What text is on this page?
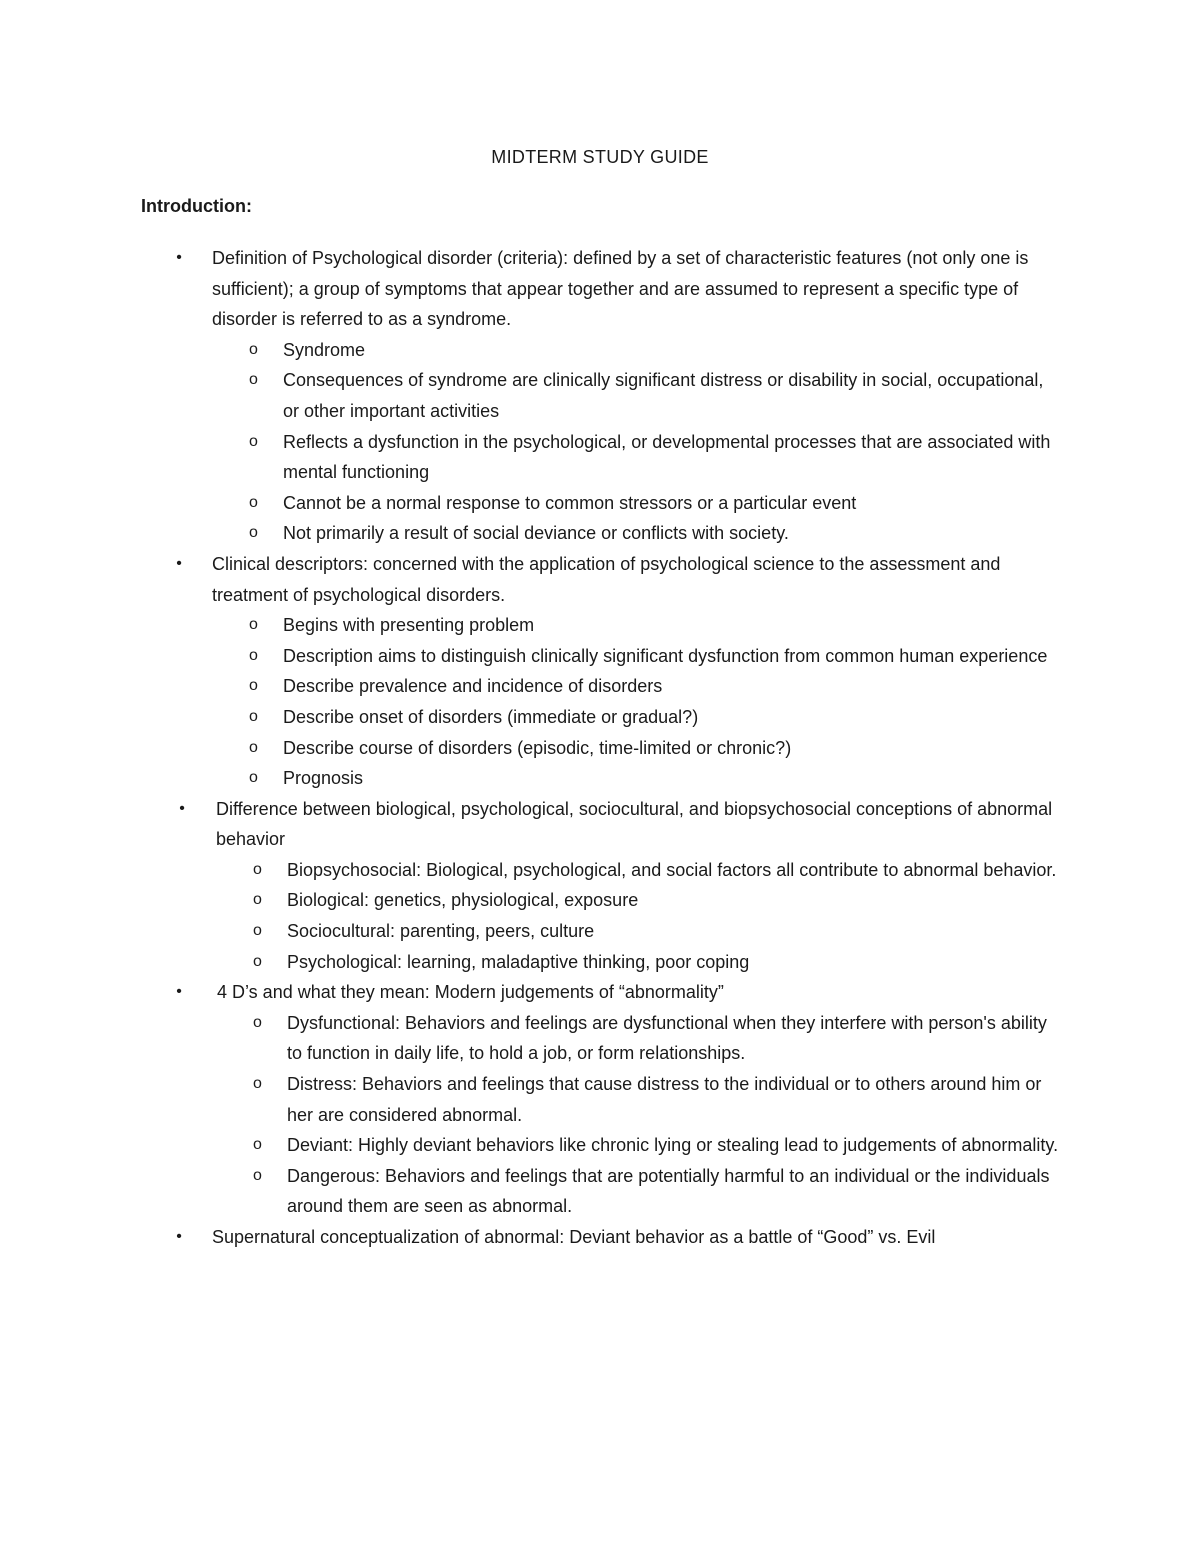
MIDTERM STUDY GUIDE
Introduction:
• Definition of Psychological disorder (criteria): defined by a set of characteristic features (not only one is sufficient); a group of symptoms that appear together and are assumed to represent a specific type of disorder is referred to as a syndrome.
o Syndrome
o Consequences of syndrome are clinically significant distress or disability in social, occupational, or other important activities
o Reflects a dysfunction in the psychological, or developmental processes that are associated with mental functioning
o Cannot be a normal response to common stressors or a particular event
o Not primarily a result of social deviance or conflicts with society.
• Clinical descriptors: concerned with the application of psychological science to the assessment and treatment of psychological disorders.
o Begins with presenting problem
o Description aims to distinguish clinically significant dysfunction from common human experience
o Describe prevalence and incidence of disorders
o Describe onset of disorders (immediate or gradual?)
o Describe course of disorders (episodic, time-limited or chronic?)
o Prognosis
• Difference between biological, psychological, sociocultural, and biopsychosocial conceptions of abnormal behavior
o Biopsychosocial: Biological, psychological, and social factors all contribute to abnormal behavior.
o Biological: genetics, physiological, exposure
o Sociocultural: parenting, peers, culture
o Psychological: learning, maladaptive thinking, poor coping
• 4 D’s and what they mean: Modern judgements of “abnormality”
o Dysfunctional: Behaviors and feelings are dysfunctional when they interfere with person's ability to function in daily life, to hold a job, or form relationships.
o Distress: Behaviors and feelings that cause distress to the individual or to others around him or her are considered abnormal.
o Deviant: Highly deviant behaviors like chronic lying or stealing lead to judgements of abnormality.
o Dangerous: Behaviors and feelings that are potentially harmful to an individual or the individuals around them are seen as abnormal.
• Supernatural conceptualization of abnormal: Deviant behavior as a battle of “Good” vs. Evil
